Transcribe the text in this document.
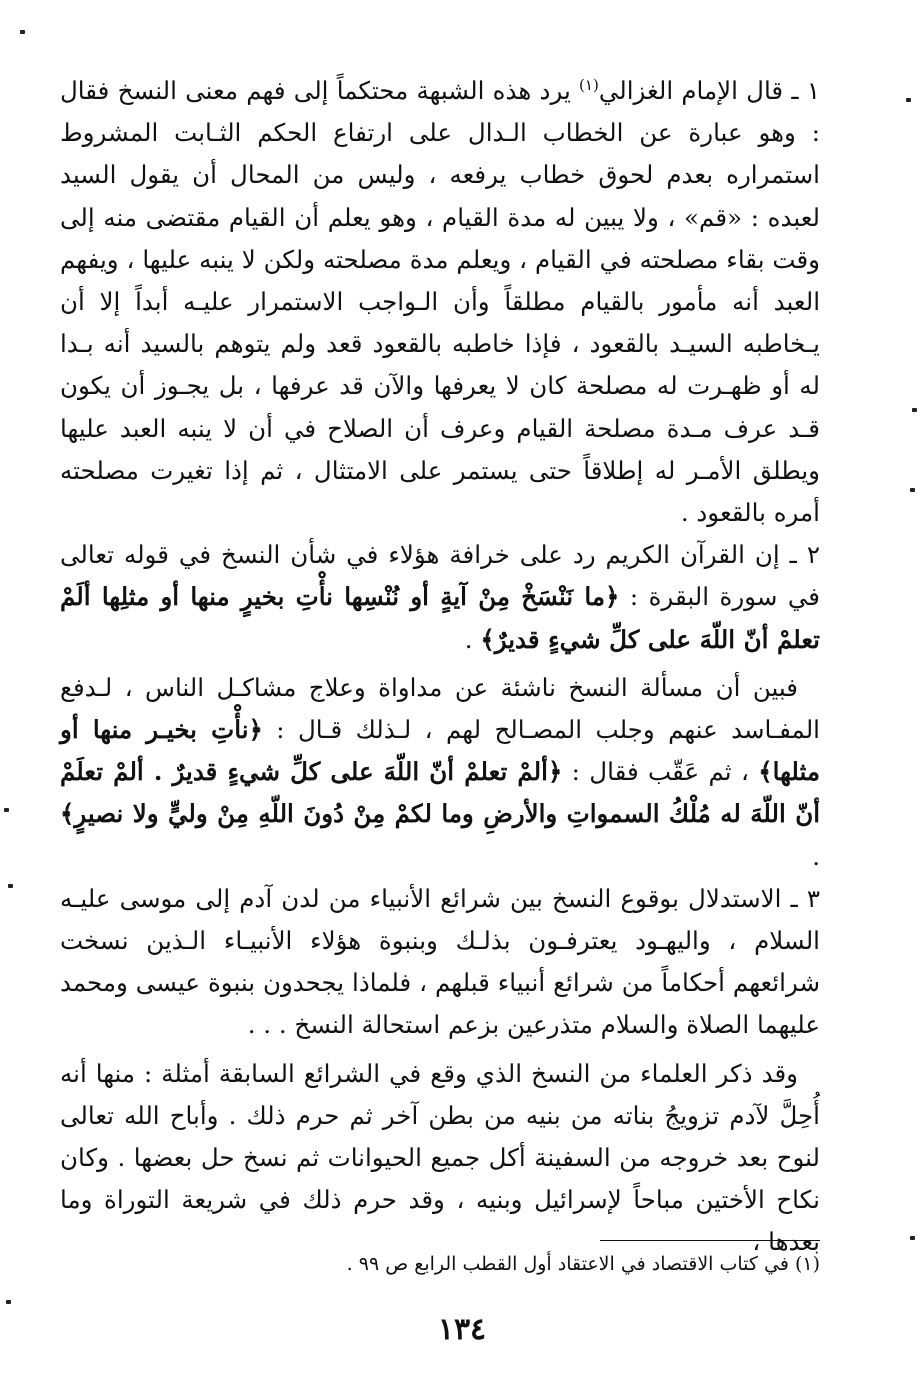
١ ـ قال الإمام الغزالي$^{(١)}$ يرد هذه الشبهة محتكماً إلى فهم معنى النسخ فقال : وهو عبارة عن الخطاب الـدال على ارتفاع الحكم الثـابت المشروط استمراره بعدم لحوق خطاب يرفعه ، وليس من المحال أن يقول السيد لعبده : «قم» ، ولا يبين له مدة القيام ، وهو يعلم أن القيام مقتضى منه إلى وقت بقاء مصلحته في القيام ، ويعلم مدة مصلحته ولكن لا ينبه عليها ، ويفهم العبد أنه مأمور بالقيام مطلقاً وأن الـواجب الاستمرار عليـه أبداً إلا أن يـخاطبه السيـد بالقعود ، فإذا خاطبه بالقعود قعد ولم يتوهم بالسيد أنه بـدا له أو ظهـرت له مصلحة كان لا يعرفها والآن قد عرفها ، بل يجـوز أن يكون قـد عرف مـدة مصلحة القيام وعرف أن الصلاح في أن لا ينبه العبد عليها ويطلق الأمـر له إطلاقاً حتى يستمر على الامتثال ، ثم إذا تغيرت مصلحته أمره بالقعود .

٢ ـ إن القرآن الكريم رد على خرافة هؤلاء في شأن النسخ في قوله تعالى في سورة البقرة : ﴿ما نَنْسَخْ مِنْ آيةٍ أو نُنْسِها نأْتِ بخيرٍ منها أو مثلِها ألَمْ تعلمْ أنّ اللّهَ على كلِّ شيءٍ قديرٌ﴾ .

فبين أن مسألة النسخ ناشئة عن مداواة وعلاج مشاكـل الناس ، لـدفع المفـاسد عنهم وجلب المصـالح لهم ، لـذلك قـال : ﴿نأْتِ بخيـر منها أو مثلها﴾ ، ثم عَقّب فقال : ﴿ألمْ تعلمْ أنّ اللّهَ على كلِّ شيءٍ قديرٌ . ألمْ تعلَمْ أنّ اللّهَ له مُلْكُ السمواتِ والأرضِ وما لكمْ مِنْ دُونَ اللّهِ مِنْ وليٍّ ولا نصيرٍ﴾ .

٣ ـ الاستدلال بوقوع النسخ بين شرائع الأنبياء من لدن آدم إلى موسى عليـه السلام ، واليهـود يعترفـون بذلـك وبنبوة هؤلاء الأنبيـاء الـذين نسخت شرائعهم أحكاماً من شرائع أنبياء قبلهم ، فلماذا يجحدون بنبوة عيسى ومحمد عليهما الصلاة والسلام متذرعين بزعم استحالة النسخ . . .

وقد ذكر العلماء من النسخ الذي وقع في الشرائع السابقة أمثلة : منها أنه أُحِلَّ لآدم تزويجُ بناته من بنيه من بطن آخر ثم حرم ذلك . وأباح الله تعالى لنوح بعد خروجه من السفينة أكل جميع الحيوانات ثم نسخ حل بعضها . وكان نكاح الأختين مباحاً لإسرائيل وبنيه ، وقد حرم ذلك في شريعة التوراة وما بعدها ،

(١) في كتاب الاقتصاد في الاعتقاد أول القطب الرابع ص ٩٩ .
١٣٤
